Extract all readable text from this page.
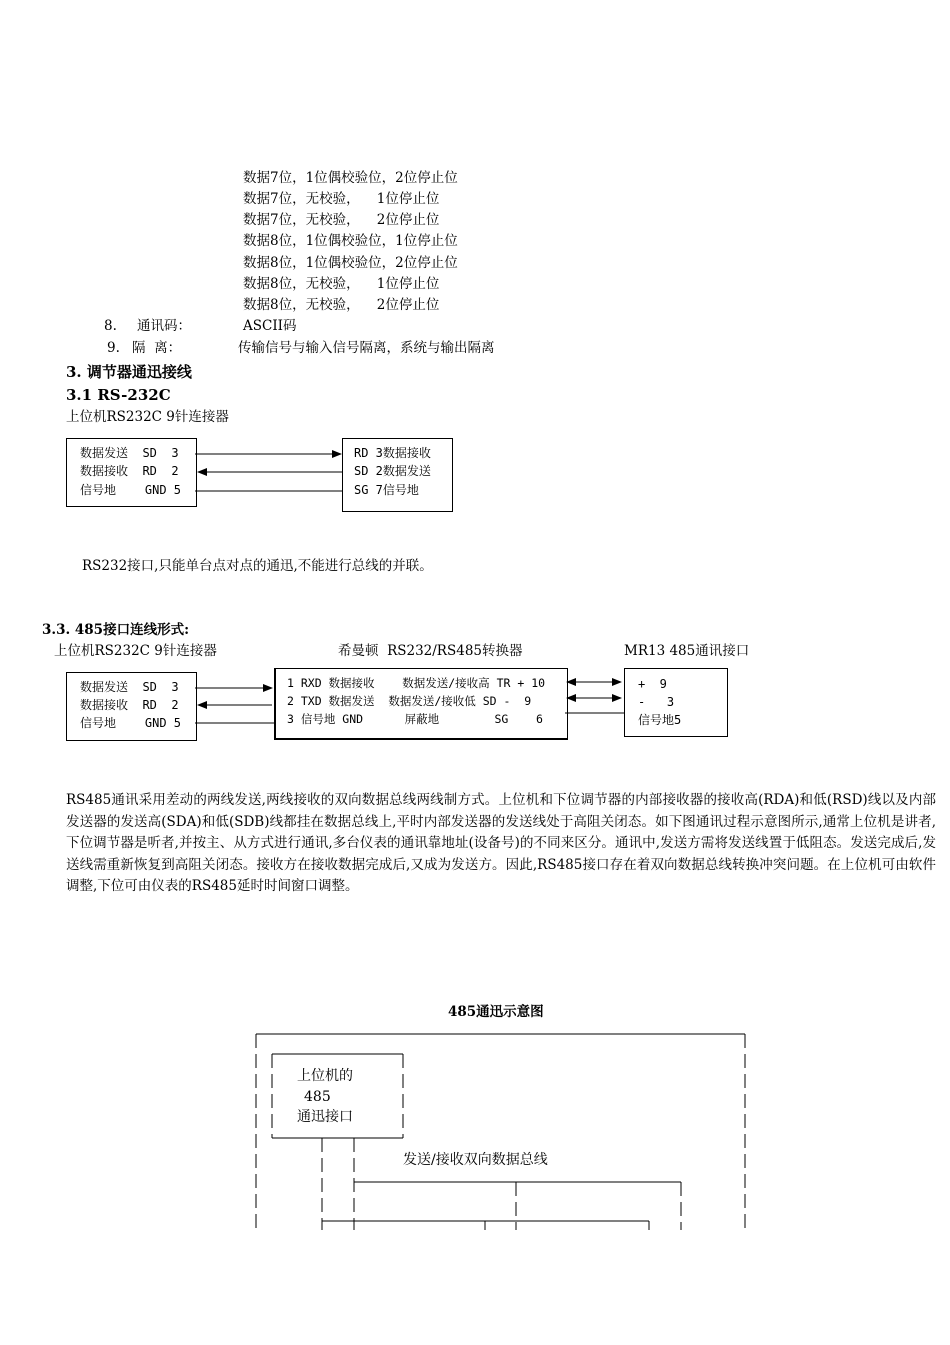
数据7位，1位偶校验位，2位停止位
数据7位，无校验，    1位停止位
数据7位，无校验，    2位停止位
数据8位，1位偶校验位，1位停止位
数据8位，1位偶校验位，2位停止位
数据8位，无校验，    1位停止位
数据8位，无校验，    2位停止位
8. 通讯码：	ASCII码
9. 隔  离：	传输信号与输入信号隔离，系统与输出隔离
3. 调节器通迅接线
3.1 RS-232C
上位机RS232C 9针连接器
数据发送  SD  3
数据接收  RD  2
信号地    GND 5
RD 3数据接收
SD 2数据发送
SG 7信号地
RS232接口,只能单台点对点的通迅,不能进行总线的并联。
3.3. 485接口连线形式:
上位机RS232C 9针连接器	希曼顿  RS232/RS485转换器	MR13 485通讯接口
数据发送  SD  3
数据接收  RD  2
信号地    GND 5
1 RXD 数据接收    数据发送/接收高 TR + 10
2 TXD 数据发送  数据发送/接收低 SD -  9
3 信号地 GND      屏蔽地        SG    6
+  9
-   3
信号地5
RS485通讯采用差动的两线发送,两线接收的双向数据总线两线制方式。上位机和下位调节器的内部接收器的接收高(RDA)和低(RSD)线以及内部发送器的发送高(SDA)和低(SDB)线都挂在数据总线上,平时内部发送器的发送线处于高阻关闭态。如下图通讯过程示意图所示,通常上位机是讲者,下位调节器是听者,并按主、从方式进行通讯,多台仪表的通讯靠地址(设备号)的不同来区分。通讯中,发送方需将发送线置于低阻态。发送完成后,发送线需重新恢复到高阻关闭态。接收方在接收数据完成后,又成为发送方。因此,RS485接口存在着双向数据总线转换冲突问题。在上位机可由软件调整,下位可由仪表的RS485延时时间窗口调整。
485通迅示意图
上位机的
485
通迅接口
发送/接收双向数据总线
